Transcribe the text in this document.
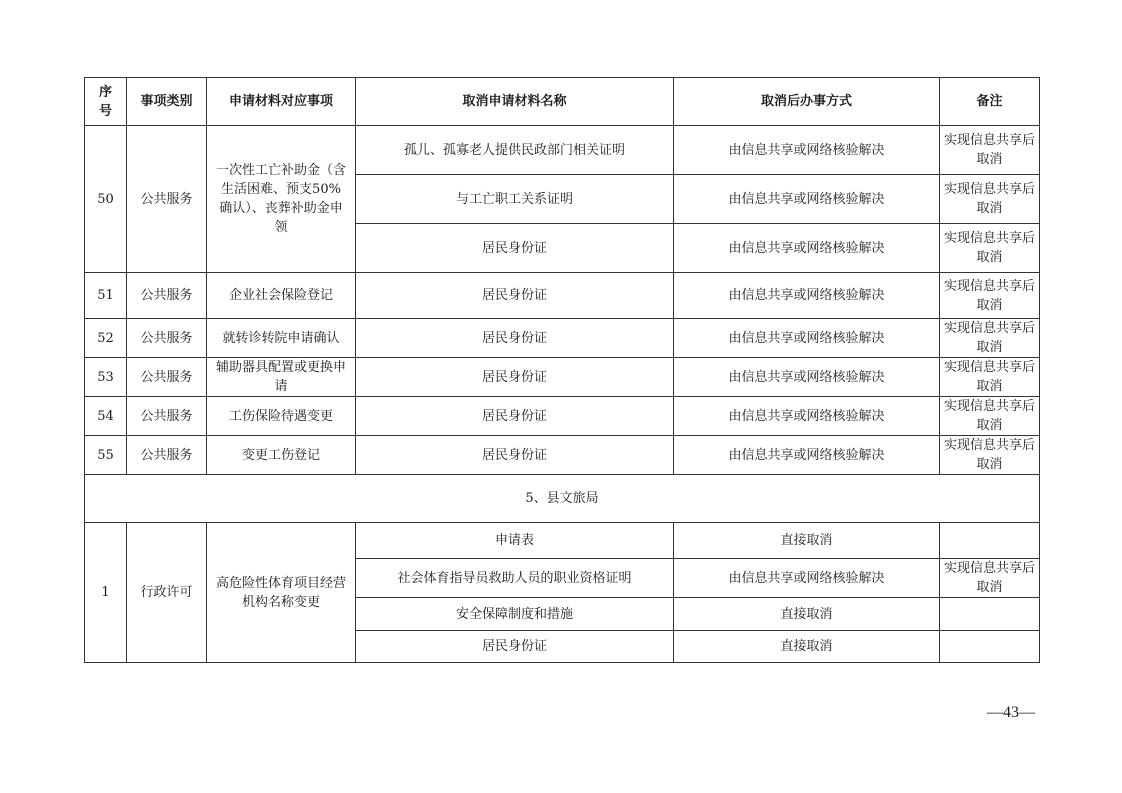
序号	事项类别	申请材料对应事项	取消申请材料名称	取消后办事方式	备注
50	公共服务	一次性工亡补助金（含生活困难、预支50%确认）、丧葬补助金申领	孤儿、孤寡老人提供民政部门相关证明	由信息共享或网络核验解决	实现信息共享后取消
			与工亡职工关系证明	由信息共享或网络核验解决	实现信息共享后取消
			居民身份证	由信息共享或网络核验解决	实现信息共享后取消
51	公共服务	企业社会保险登记	居民身份证	由信息共享或网络核验解决	实现信息共享后取消
52	公共服务	就转诊转院申请确认	居民身份证	由信息共享或网络核验解决	实现信息共享后取消
53	公共服务	辅助器具配置或更换申请	居民身份证	由信息共享或网络核验解决	实现信息共享后取消
54	公共服务	工伤保险待遇变更	居民身份证	由信息共享或网络核验解决	实现信息共享后取消
55	公共服务	变更工伤登记	居民身份证	由信息共享或网络核验解决	实现信息共享后取消
5、县文旅局					
1	行政许可	高危险性体育项目经营机构名称变更	申请表	直接取消	
			社会体育指导员救助人员的职业资格证明	由信息共享或网络核验解决	实现信息共享后取消
			安全保障制度和措施	直接取消	
			居民身份证	直接取消	
—43—
